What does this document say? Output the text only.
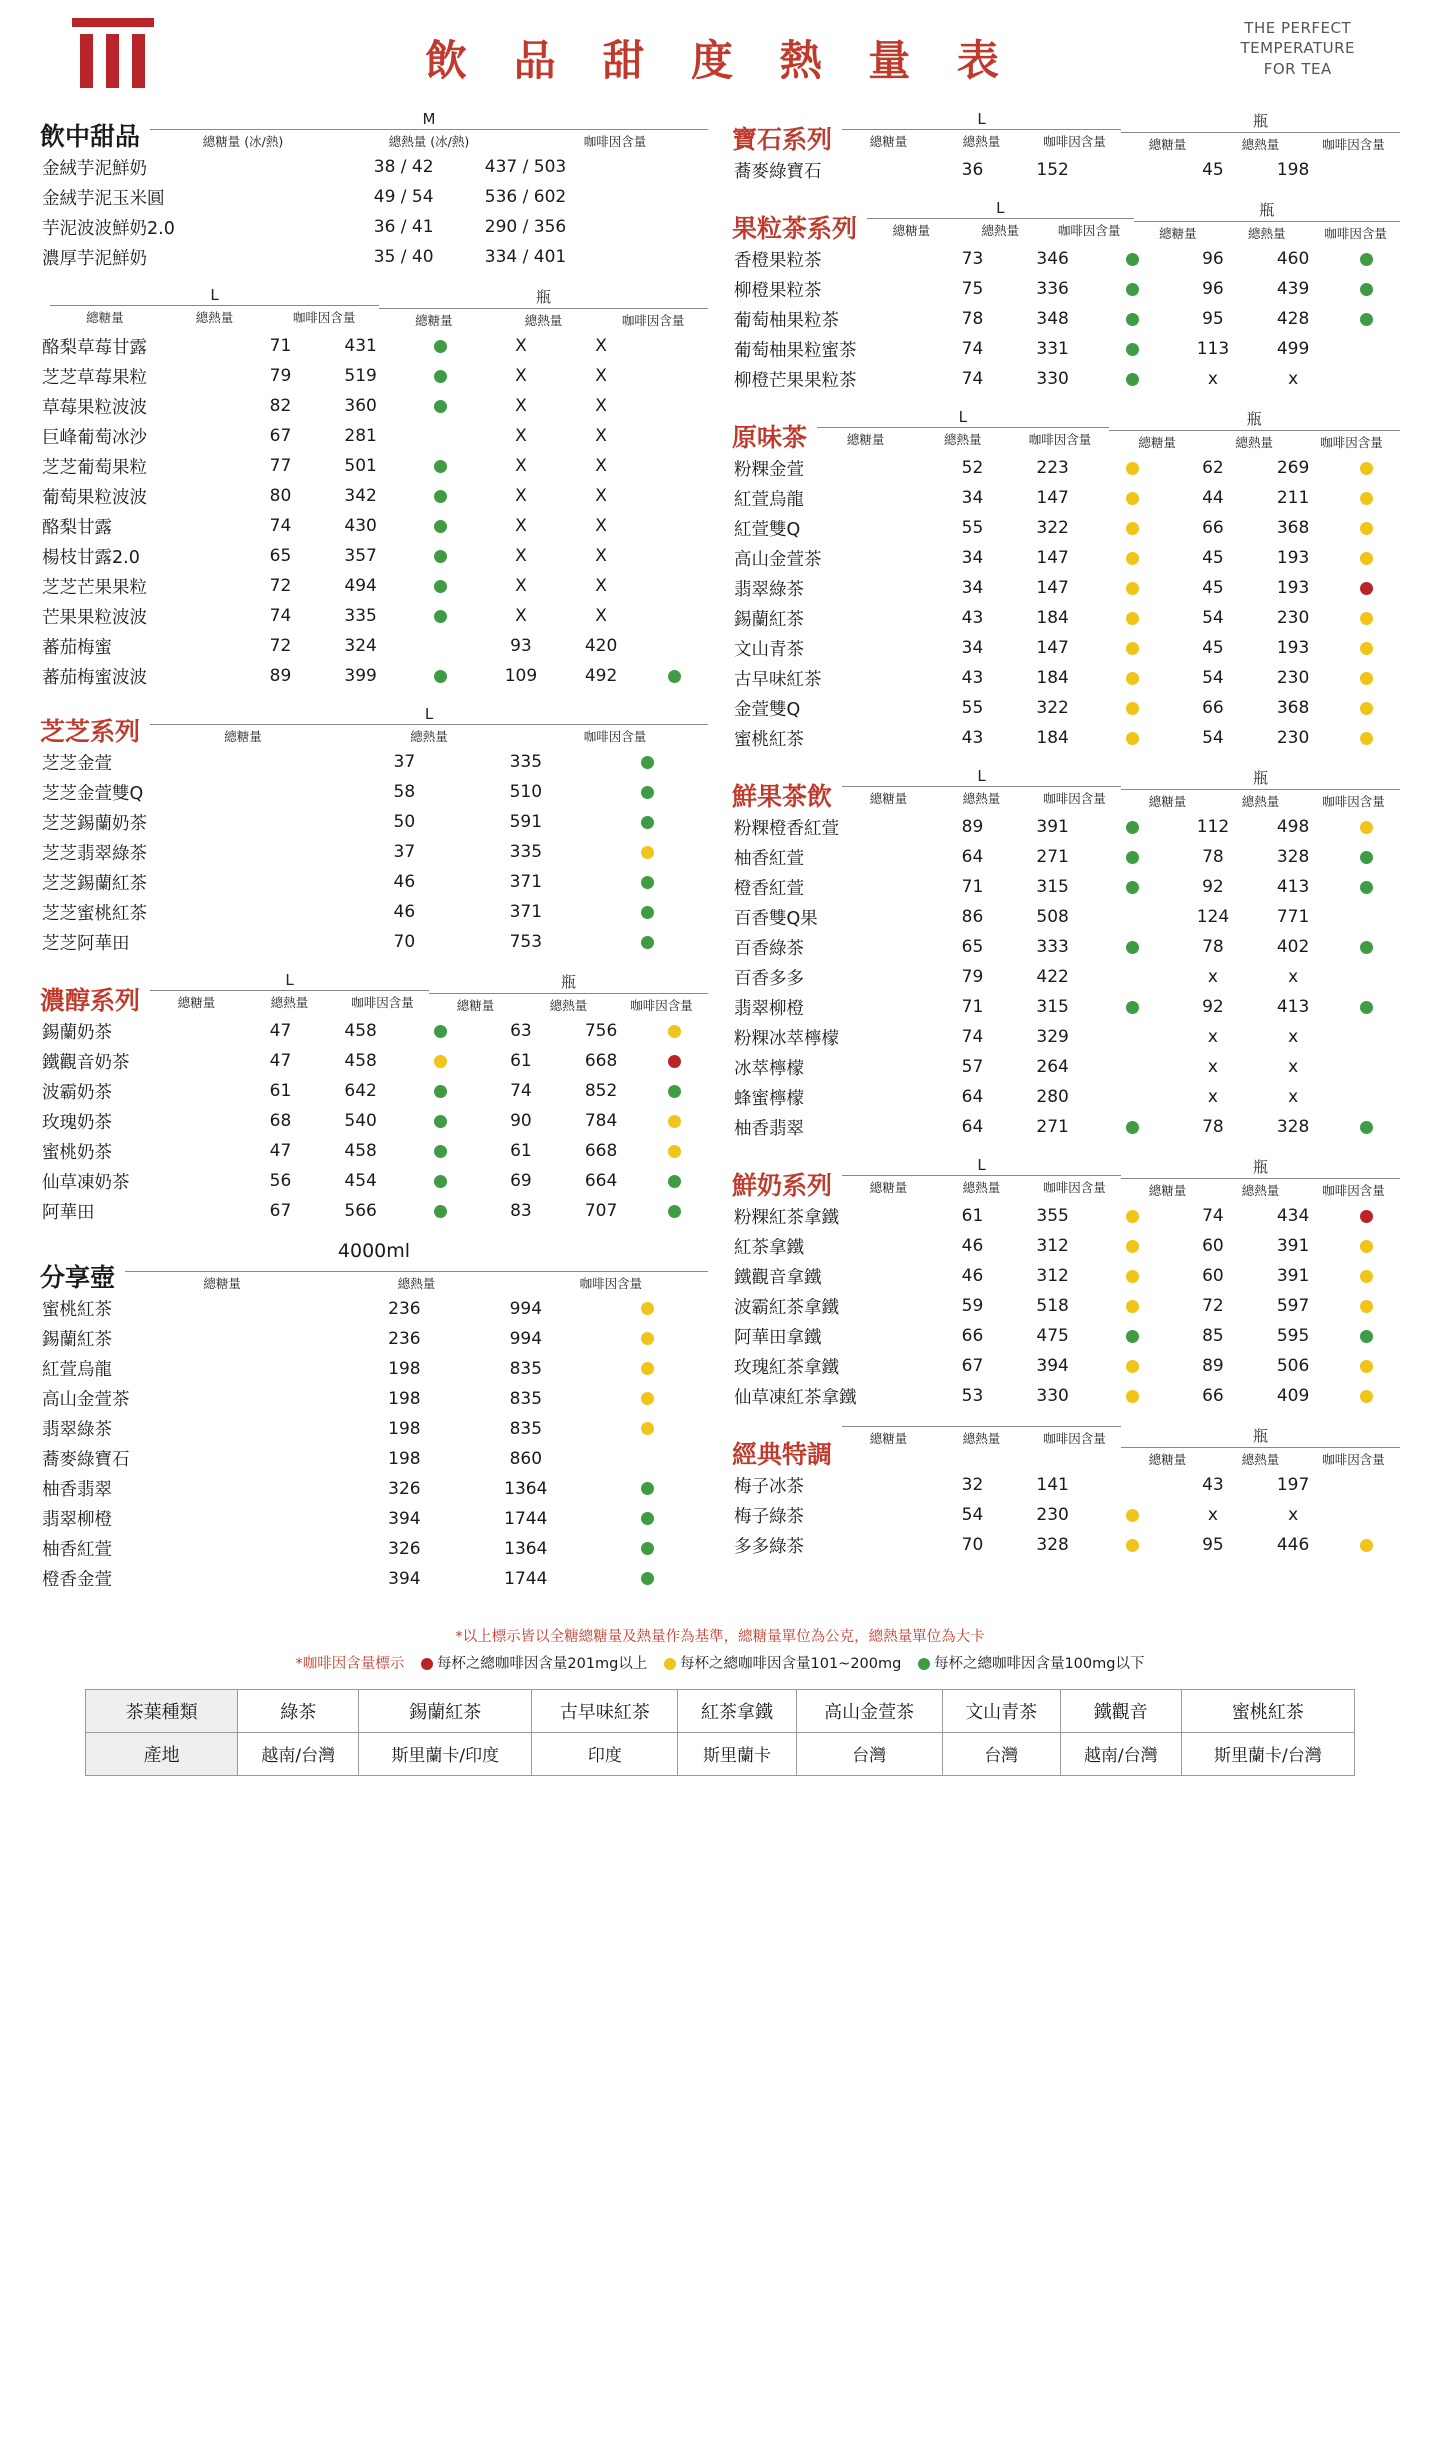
飲 品 甜 度 熱 量 表
THE PERFECT
TEMPERATURE
FOR TEA
飲中甜品
M
總糖量 (冰/熱)	總熱量 (冰/熱)	咖啡因含量
金絨芋泥鮮奶	38 / 42	437 / 503	
金絨芋泥玉米圓	49 / 54	536 / 602	
芋泥波波鮮奶2.0	36 / 41	290 / 356	
濃厚芋泥鮮奶	35 / 40	334 / 401	
L
總糖量	總熱量	咖啡因含量
瓶
總糖量	總熱量	咖啡因含量
酪梨草莓甘露	71	431		X	X	
芝芝草莓果粒	79	519		X	X	
草莓果粒波波	82	360		X	X	
巨峰葡萄冰沙	67	281		X	X	
芝芝葡萄果粒	77	501		X	X	
葡萄果粒波波	80	342		X	X	
酪梨甘露	74	430		X	X	
楊枝甘露2.0	65	357		X	X	
芝芝芒果果粒	72	494		X	X	
芒果果粒波波	74	335		X	X	
蕃茄梅蜜	72	324		93	420	
蕃茄梅蜜波波	89	399		109	492	
芝芝系列
L
總糖量	總熱量	咖啡因含量
芝芝金萱	37	335	
芝芝金萱雙Q	58	510	
芝芝錫蘭奶茶	50	591	
芝芝翡翠綠茶	37	335	
芝芝錫蘭紅茶	46	371	
芝芝蜜桃紅茶	46	371	
芝芝阿華田	70	753	
濃醇系列
L
總糖量	總熱量	咖啡因含量
瓶
總糖量	總熱量	咖啡因含量
錫蘭奶茶	47	458		63	756	
鐵觀音奶茶	47	458		61	668	
波霸奶茶	61	642		74	852	
玫瑰奶茶	68	540		90	784	
蜜桃奶茶	47	458		61	668	
仙草凍奶茶	56	454		69	664	
阿華田	67	566		83	707	
4000ml
分享壺	總糖量	總熱量	咖啡因含量
蜜桃紅茶	236	994	
錫蘭紅茶	236	994	
紅萱烏龍	198	835	
高山金萱茶	198	835	
翡翠綠茶	198	835	
蕎麥綠寶石	198	860	
柚香翡翠	326	1364	
翡翠柳橙	394	1744	
柚香紅萱	326	1364	
橙香金萱	394	1744	
寶石系列
L
總糖量	總熱量	咖啡因含量
瓶
總糖量	總熱量	咖啡因含量
蕎麥綠寶石	36	152		45	198	
果粒茶系列
L
總糖量	總熱量	咖啡因含量
瓶
總糖量	總熱量	咖啡因含量
香橙果粒茶	73	346		96	460	
柳橙果粒茶	75	336		96	439	
葡萄柚果粒茶	78	348		95	428	
葡萄柚果粒蜜茶	74	331		113	499	
柳橙芒果果粒茶	74	330		x	x	
原味茶
L
總糖量	總熱量	咖啡因含量
瓶
總糖量	總熱量	咖啡因含量
粉粿金萱	52	223		62	269	
紅萱烏龍	34	147		44	211	
紅萱雙Q	55	322		66	368	
高山金萱茶	34	147		45	193	
翡翠綠茶	34	147		45	193	
錫蘭紅茶	43	184		54	230	
文山青茶	34	147		45	193	
古早味紅茶	43	184		54	230	
金萱雙Q	55	322		66	368	
蜜桃紅茶	43	184		54	230	
鮮果茶飲
L
總糖量	總熱量	咖啡因含量
瓶
總糖量	總熱量	咖啡因含量
粉粿橙香紅萱	89	391		112	498	
柚香紅萱	64	271		78	328	
橙香紅萱	71	315		92	413	
百香雙Q果	86	508		124	771	
百香綠茶	65	333		78	402	
百香多多	79	422		x	x	
翡翠柳橙	71	315		92	413	
粉粿冰萃檸檬	74	329		x	x	
冰萃檸檬	57	264		x	x	
蜂蜜檸檬	64	280		x	x	
柚香翡翠	64	271		78	328	
鮮奶系列
L
總糖量	總熱量	咖啡因含量
瓶
總糖量	總熱量	咖啡因含量
粉粿紅茶拿鐵	61	355		74	434	
紅茶拿鐵	46	312		60	391	
鐵觀音拿鐵	46	312		60	391	
波霸紅茶拿鐵	59	518		72	597	
阿華田拿鐵	66	475		85	595	
玫瑰紅茶拿鐵	67	394		89	506	
仙草凍紅茶拿鐵	53	330		66	409	
經典特調
總糖量	總熱量	咖啡因含量	瓶
總糖量	總熱量	咖啡因含量
梅子冰茶	32	141		43	197	
梅子綠茶	54	230		x	x	
多多綠茶	70	328		95	446	
*以上標示皆以全糖總糖量及熱量作為基準，總糖量單位為公克，總熱量單位為大卡
*咖啡因含量標示 每杯之總咖啡因含量201mg以上 每杯之總咖啡因含量101~200mg 每杯之總咖啡因含量100mg以下
茶葉種類	綠茶	錫蘭紅茶	古早味紅茶	紅茶拿鐵	高山金萱茶	文山青茶	鐵觀音	蜜桃紅茶
產地	越南/台灣	斯里蘭卡/印度	印度	斯里蘭卡	台灣	台灣	越南/台灣	斯里蘭卡/台灣
